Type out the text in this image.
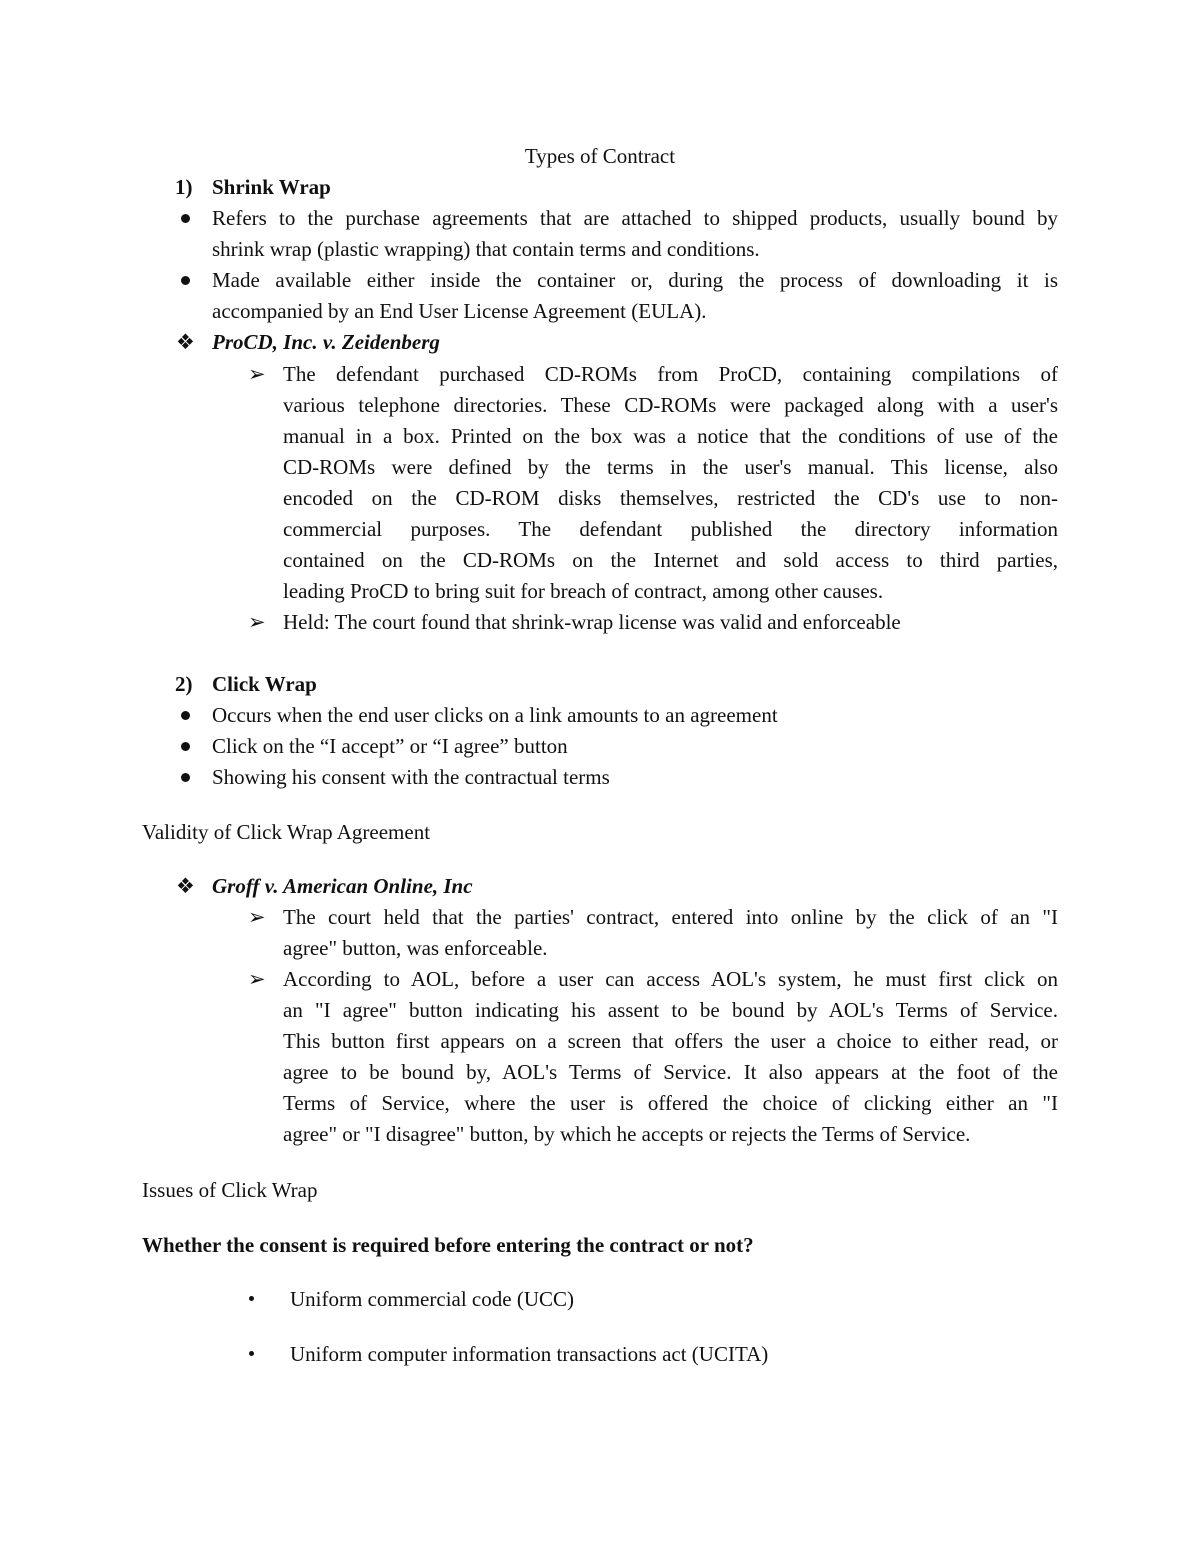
Types of Contract
1) Shrink Wrap
Refers to the purchase agreements that are attached to shipped products, usually bound by
shrink wrap (plastic wrapping) that contain terms and conditions.
Made available either inside the container or, during the process of downloading it is
accompanied by an End User License Agreement (EULA).
❖ ProCD, Inc. v. Zeidenberg
➢ The defendant purchased CD-ROMs from ProCD, containing compilations of
various telephone directories. These CD-ROMs were packaged along with a user's
manual in a box. Printed on the box was a notice that the conditions of use of the
CD-ROMs were defined by the terms in the user's manual. This license, also
encoded on the CD-ROM disks themselves, restricted the CD's use to non-
commercial purposes. The defendant published the directory information
contained on the CD-ROMs on the Internet and sold access to third parties,
leading ProCD to bring suit for breach of contract, among other causes.
➢ Held: The court found that shrink-wrap license was valid and enforceable
2) Click Wrap
Occurs when the end user clicks on a link amounts to an agreement
Click on the “I accept” or “I agree” button
Showing his consent with the contractual terms
Validity of Click Wrap Agreement
❖ Groff v. American Online, Inc
➢ The court held that the parties' contract, entered into online by the click of an "I
agree" button, was enforceable.
➢ According to AOL, before a user can access AOL's system, he must first click on
an "I agree" button indicating his assent to be bound by AOL's Terms of Service.
This button first appears on a screen that offers the user a choice to either read, or
agree to be bound by, AOL's Terms of Service. It also appears at the foot of the
Terms of Service, where the user is offered the choice of clicking either an "I
agree" or "I disagree" button, by which he accepts or rejects the Terms of Service.
Issues of Click Wrap
Whether the consent is required before entering the contract or not?
Uniform commercial code (UCC)
Uniform computer information transactions act (UCITA)
